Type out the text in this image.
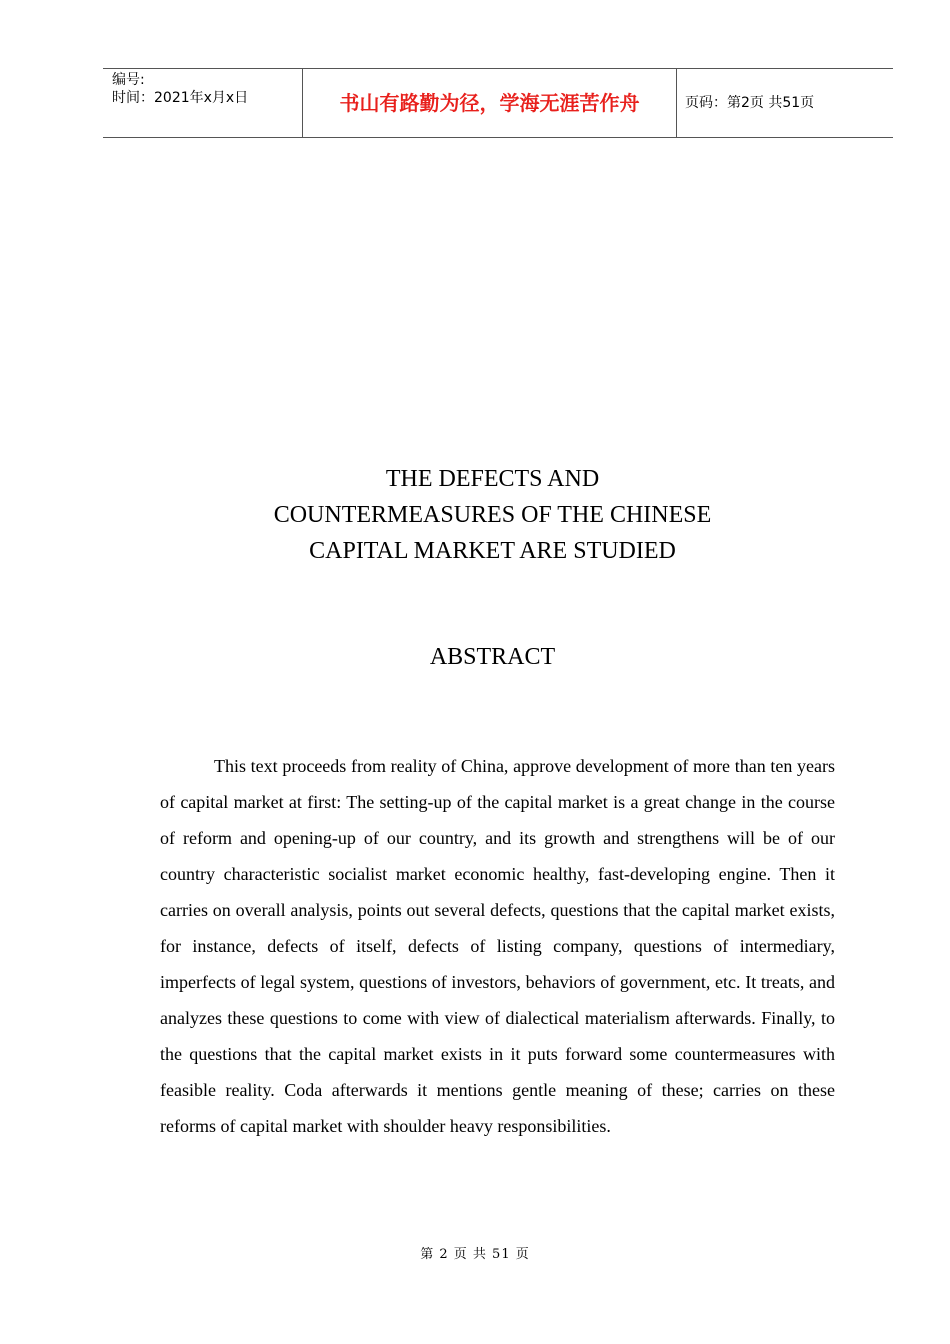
编号:
时间：2021年x月x日	书山有路勤为径，学海无涯苦作舟	页码：第2页 共51页
THE DEFECTS AND
COUNTERMEASURES OF THE CHINESE
CAPITAL MARKET ARE STUDIED
ABSTRACT

This text proceeds from reality of China, approve development of more than ten years of capital market at first: The setting-up of the capital market is a great change in the course of reform and opening-up of our country, and its growth and strengthens will be of our country characteristic socialist market economic healthy, fast-developing engine. Then it carries on overall analysis, points out several defects, questions that the capital market exists, for instance, defects of itself, defects of listing company, questions of intermediary, imperfects of legal system, questions of investors, behaviors of government, etc. It treats, and analyzes these questions to come with view of dialectical materialism afterwards. Finally, to the questions that the capital market exists in it puts forward some countermeasures with feasible reality. Coda afterwards it mentions gentle meaning of these; carries on these reforms of capital market with shoulder heavy responsibilities.

第 2 页 共 51 页
